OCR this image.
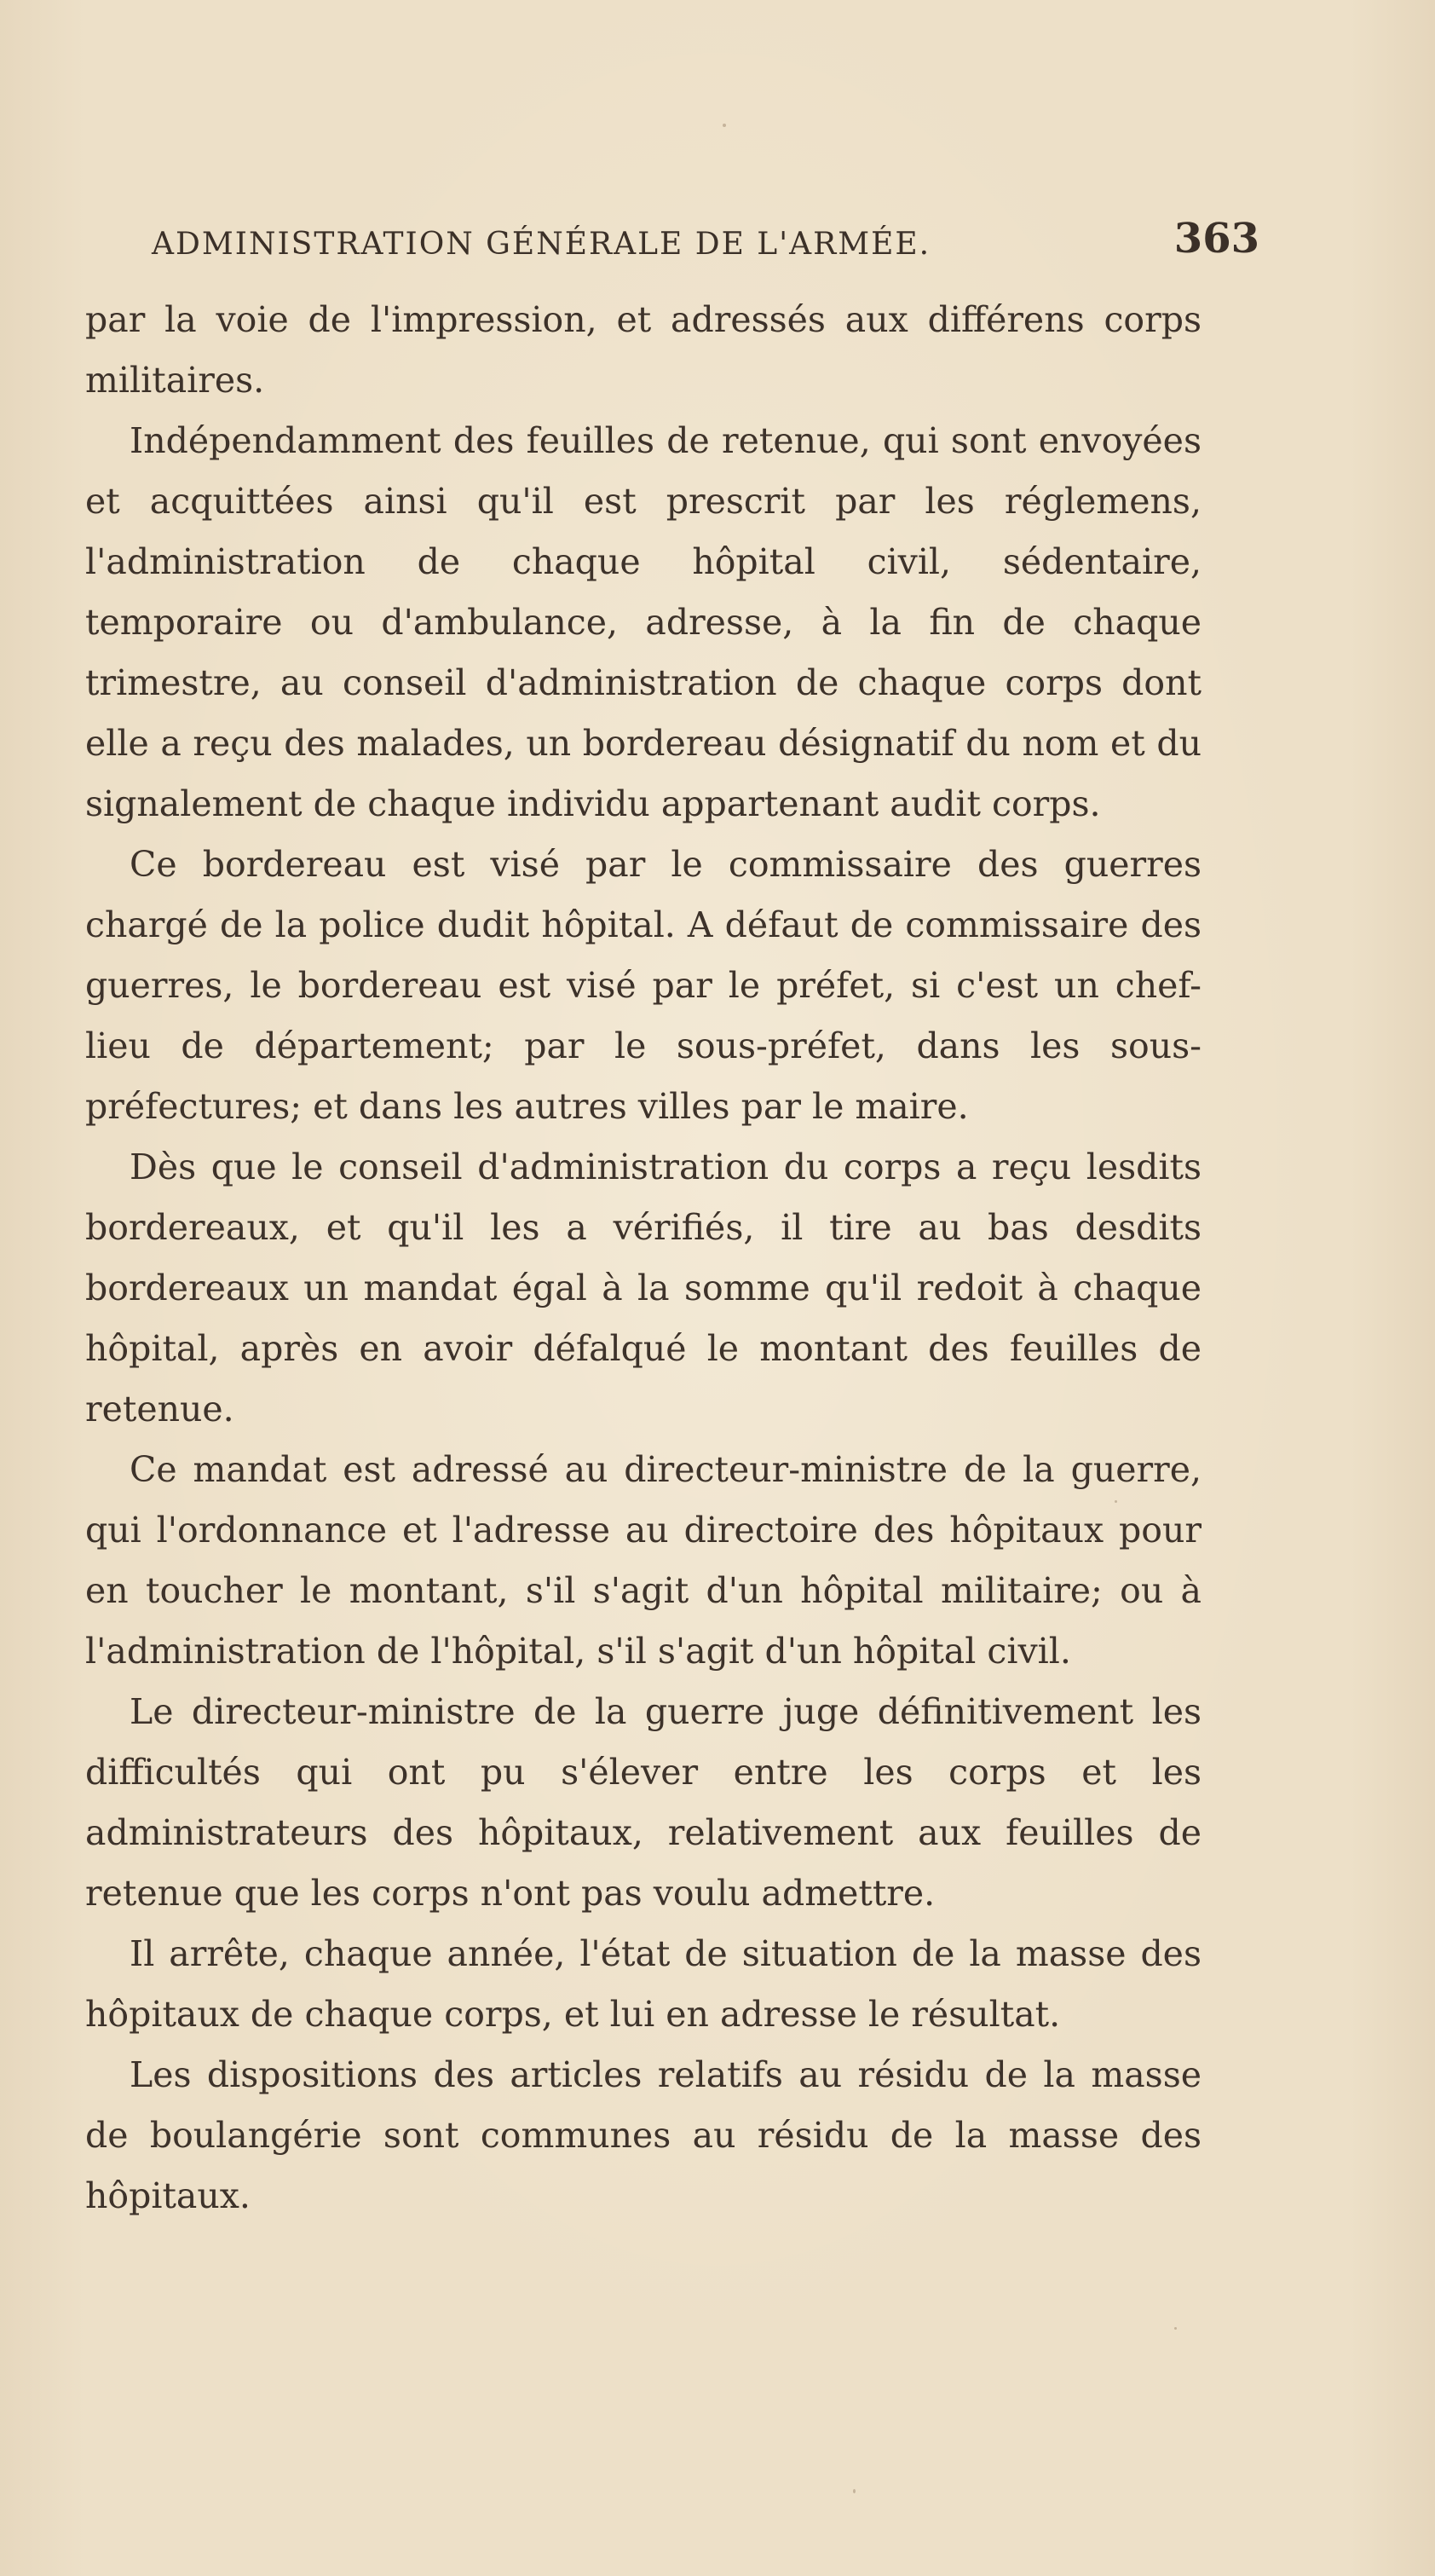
ADMINISTRATION GÉNÉRALE DE L'ARMÉE.	363

par la voie de l'impression, et adressés aux différens corps militaires.

Indépendamment des feuilles de retenue, qui sont envoyées et acquittées ainsi qu'il est prescrit par les réglemens, l'administration de chaque hôpital civil, sédentaire, temporaire ou d'ambulance, adresse, à la fin de chaque trimestre, au conseil d'administration de chaque corps dont elle a reçu des malades, un bordereau désignatif du nom et du signalement de chaque individu appartenant audit corps.

Ce bordereau est visé par le commissaire des guerres chargé de la police dudit hôpital. A défaut de commissaire des guerres, le bordereau est visé par le préfet, si c'est un chef-lieu de département; par le sous-préfet, dans les sous-préfectures; et dans les autres villes par le maire.

Dès que le conseil d'administration du corps a reçu lesdits bordereaux, et qu'il les a vérifiés, il tire au bas desdits bordereaux un mandat égal à la somme qu'il redoit à chaque hôpital, après en avoir défalqué le montant des feuilles de retenue.

Ce mandat est adressé au directeur-ministre de la guerre, qui l'ordonnance et l'adresse au directoire des hôpitaux pour en toucher le montant, s'il s'agit d'un hôpital militaire; ou à l'administration de l'hôpital, s'il s'agit d'un hôpital civil.

Le directeur-ministre de la guerre juge définitivement les difficultés qui ont pu s'élever entre les corps et les administrateurs des hôpitaux, relativement aux feuilles de retenue que les corps n'ont pas voulu admettre.

Il arrête, chaque année, l'état de situation de la masse des hôpitaux de chaque corps, et lui en adresse le résultat.

Les dispositions des articles relatifs au résidu de la masse de boulangérie sont communes au résidu de la masse des hôpitaux.
